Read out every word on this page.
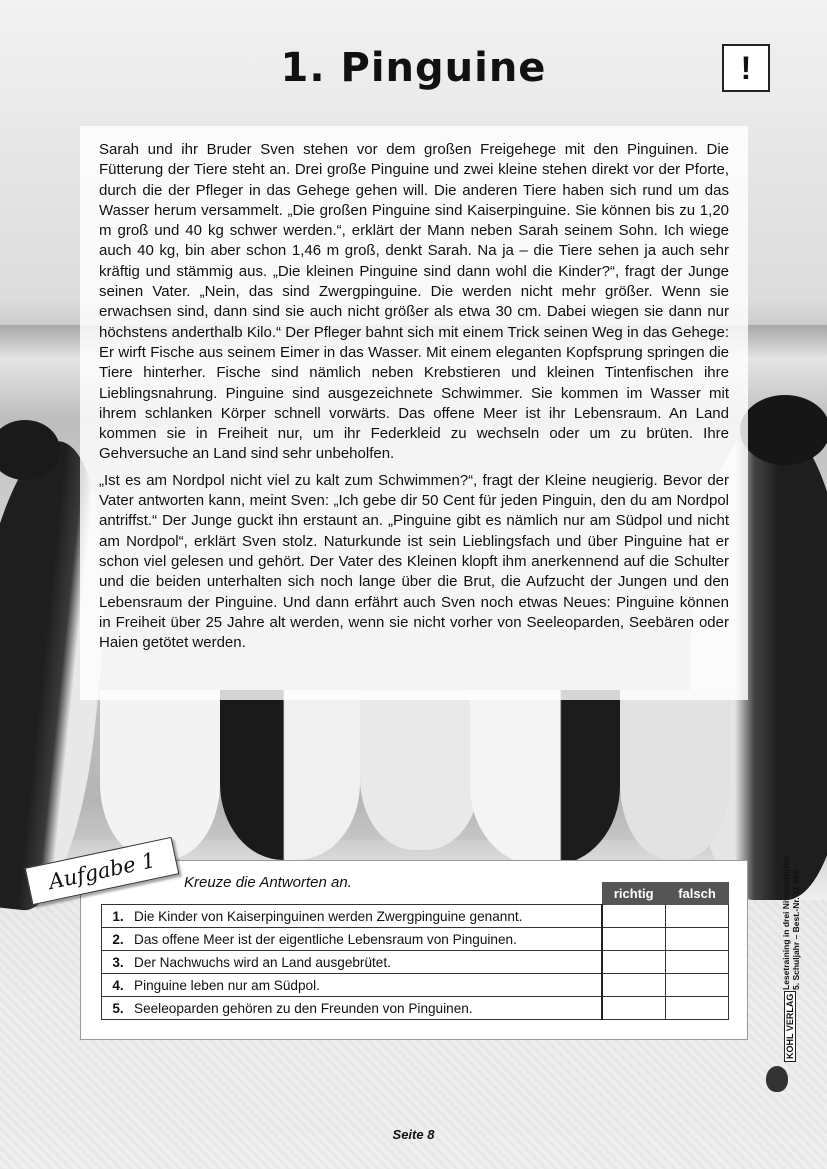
1. Pinguine	!

Sarah und ihr Bruder Sven stehen vor dem großen Freigehege mit den Pinguinen. Die Fütterung der Tiere steht an. Drei große Pinguine und zwei kleine stehen direkt vor der Pforte, durch die der Pfleger in das Gehege gehen will. Die anderen Tiere haben sich rund um das Wasser herum versammelt. „Die großen Pinguine sind Kaiserpinguine. Sie können bis zu 1,20 m groß und 40 kg schwer werden.“, erklärt der Mann neben Sarah seinem Sohn. Ich wiege auch 40 kg, bin aber schon 1,46 m groß, denkt Sarah. Na ja – die Tiere sehen ja auch sehr kräftig und stämmig aus. „Die kleinen Pinguine sind dann wohl die Kinder?“, fragt der Junge seinen Vater. „Nein, das sind Zwergpinguine. Die werden nicht mehr größer. Wenn sie erwachsen sind, dann sind sie auch nicht größer als etwa 30 cm. Dabei wiegen sie dann nur höchstens anderthalb Kilo.“ Der Pfleger bahnt sich mit einem Trick seinen Weg in das Gehege: Er wirft Fische aus seinem Eimer in das Wasser. Mit einem eleganten Kopfsprung springen die Tiere hinterher. Fische sind nämlich neben Krebstieren und kleinen Tintenfischen ihre Lieblingsnahrung. Pinguine sind ausgezeichnete Schwimmer. Sie kommen im Wasser mit ihrem schlanken Körper schnell vorwärts. Das offene Meer ist ihr Lebensraum. An Land kommen sie in Freiheit nur, um ihr Federkleid zu wechseln oder um zu brüten. Ihre Gehversuche an Land sind sehr unbeholfen.

„Ist es am Nordpol nicht viel zu kalt zum Schwimmen?“, fragt der Kleine neugierig. Bevor der Vater antworten kann, meint Sven: „Ich gebe dir 50 Cent für jeden Pinguin, den du am Nordpol antriffst.“ Der Junge guckt ihn erstaunt an. „Pinguine gibt es nämlich nur am Südpol und nicht am Nordpol“, erklärt Sven stolz. Naturkunde ist sein Lieblingsfach und über Pinguine hat er schon viel gelesen und gehört. Der Vater des Kleinen klopft ihm anerkennend auf die Schulter und die beiden unterhalten sich noch lange über die Brut, die Aufzucht der Jungen und den Lebensraum der Pinguine. Und dann erfährt auch Sven noch etwas Neues: Pinguine können in Freiheit über 25 Jahre alt werden, wenn sie nicht vorher von Seeleoparden, Seebären oder Haien getötet werden.

Aufgabe 1	Kreuze die Antworten an.
		richtig	falsch
1.	Die Kinder von Kaiserpinguinen werden Zwergpinguine genannt.		
2.	Das offene Meer ist der eigentliche Lebensraum von Pinguinen.		
3.	Der Nachwuchs wird an Land ausgebrütet.		
4.	Pinguine leben nur am Südpol.		
5.	Seeleoparden gehören zu den Freunden von Pinguinen.		
Lesetraining in drei Niveaustufen 5. Schuljahr – Best.-Nr. 11 995
KOHL VERLAG
Seite 8
